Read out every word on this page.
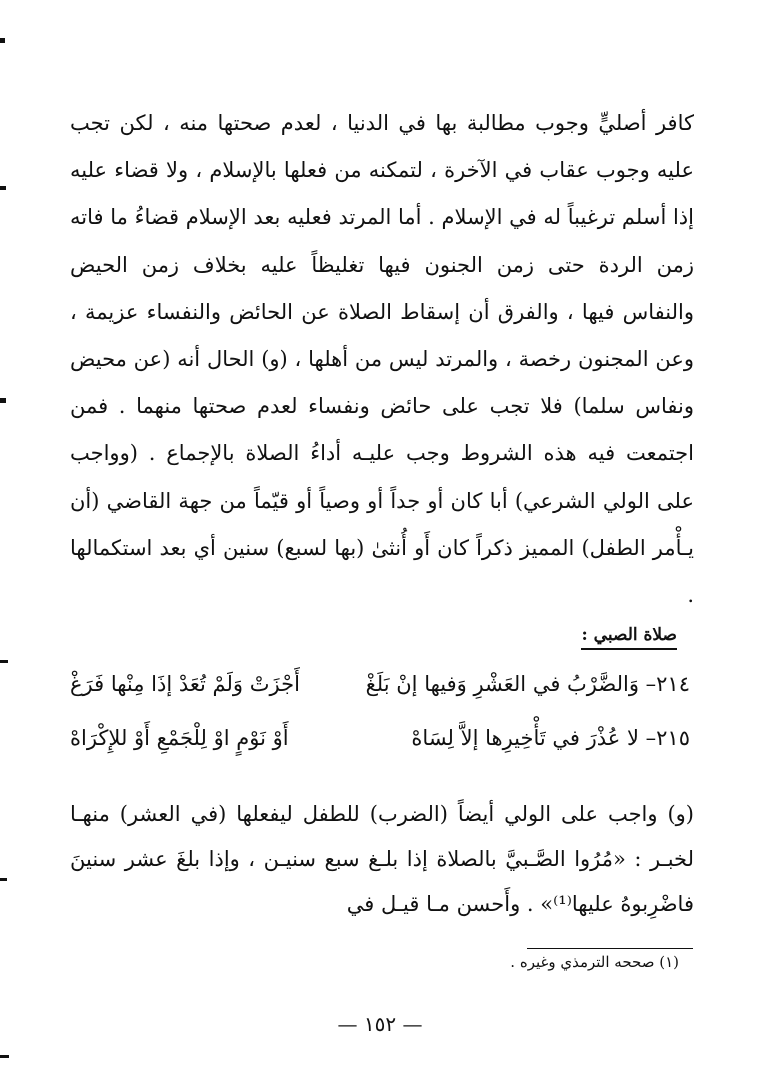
كافر أصليٍّ وجوب مطالبة بها في الدنيا ، لعدم صحتها منه ، لكن تجب عليه وجوب عقاب في الآخرة ، لتمكنه من فعلها بالإسلام ، ولا قضاء عليه إذا أسلم ترغيباً له في الإسلام . أما المرتد فعليه بعد الإسلام قضاءُ ما فاته زمن الردة حتى زمن الجنون فيها تغليظاً عليه بخلاف زمن الحيض والنفاس فيها ، والفرق أن إسقاط الصلاة عن الحائض والنفساء عزيمة ، وعن المجنون رخصة ، والمرتد ليس من أهلها ، (و) الحال أنه (عن محيض ونفاس سلما) فلا تجب على حائض ونفساء لعدم صحتها منهما . فمن اجتمعت فيه هذه الشروط وجب عليـه أداءُ الصلاة بالإجماع . (وواجب على الولي الشرعي) أبا كان أو جداً أو وصياً أو قيّماً من جهة القاضي (أن يـأْمر الطفل) المميز ذكراً كان أَو أُنثىٰ (بها لسبع) سنين أي بعد استكمالها .

صلاة الصبي :

٢١٤– وَالضَّرْبُ في العَشْرِ وَفيها إنْ بَلَغْ
أَجْزَتْ وَلَمْ تُعَدْ إذَا مِنْها فَرَغْ
٢١٥– لا عُذْرَ في تَأْخِيرِها إلاَّ لِسَاهْ
أَوْ نَوْمٍ اوْ لِلْجَمْعِ أَوْ للإِكْرَاهْ

(و) واجب على الولي أيضاً (الضرب) للطفل ليفعلها (في العشر) منهـا لخبـر : «مُرُوا الصَّـبيَّ بالصلاة إذا بلـغ سبع سنيـن ، وإذا بلغَ عشر سنينَ فاضْرِبوهُ عليها⁽¹⁾» . وأَحسن مـا قيـل في

(١) صححه الترمذي وغيره .

— ١٥٢ —
